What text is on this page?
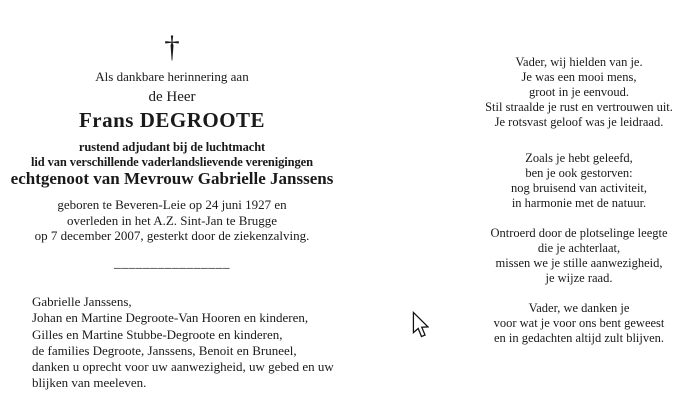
†
Als dankbare herinnering aan
de Heer
Frans DEGROOTE
rustend adjudant bij de luchtmacht
lid van verschillende vaderlandslievende verenigingen
echtgenoot van Mevrouw Gabrielle Janssens
geboren te Beveren-Leie op 24 juni 1927 en
overleden in het A.Z. Sint-Jan te Brugge
op 7 december 2007, gesterkt door de ziekenzalving.
________________
Gabrielle Janssens,
Johan en Martine Degroote-Van Hooren en kinderen,
Gilles en Martine Stubbe-Degroote en kinderen,
de families Degroote, Janssens, Benoit en Bruneel,
danken u oprecht voor uw aanwezigheid, uw gebed en uw
blijken van meeleven.
Vader, wij hielden van je.
Je was een mooi mens,
groot in je eenvoud.
Stil straalde je rust en vertrouwen uit.
Je rotsvast geloof was je leidraad.
Zoals je hebt geleefd,
ben je ook gestorven:
nog bruisend van activiteit,
in harmonie met de natuur.
Ontroerd door de plotselinge leegte
die je achterlaat,
missen we je stille aanwezigheid,
je wijze raad.
Vader, we danken je
voor wat je voor ons bent geweest
en in gedachten altijd zult blijven.
